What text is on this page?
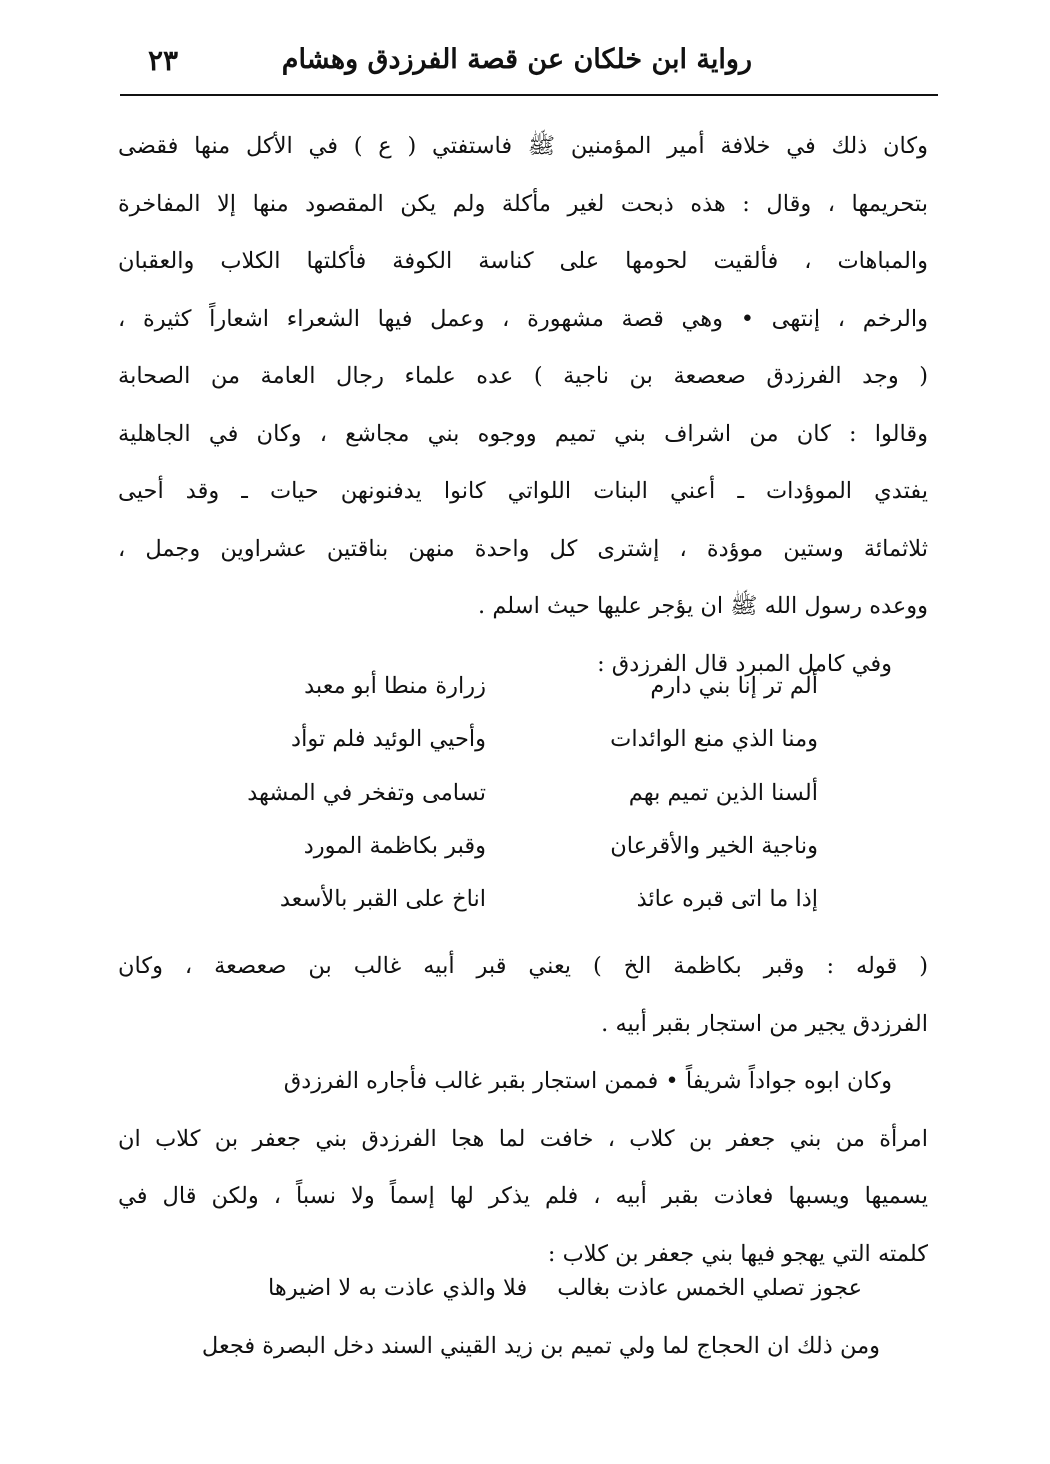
رواية ابن خلكان عن قصة الفرزدق وهشام
٢٣
وكان ذلك في خلافة أمير المؤمنين ﷺ فاستفتي ( ع ) في الأكل منها فقضى
بتحريمها ، وقال : هذه ذبحت لغير مأكلة ولم يكن المقصود منها إلا المفاخرة
والمباهات ، فألقيت لحومها على كناسة الكوفة فأكلتها الكلاب والعقبان
والرخم ، إنتهى • وهي قصة مشهورة ، وعمل فيها الشعراء اشعاراً كثيرة ،
( وجد الفرزدق صعصعة بن ناجية ) عده علماء رجال العامة من الصحابة
وقالوا : كان من اشراف بني تميم ووجوه بني مجاشع ، وكان في الجاهلية
يفتدي الموؤدات ـ أعني البنات اللواتي كانوا يدفنونهن حيات ـ وقد أحيى
ثلاثمائة وستين موؤدة ، إشترى كل واحدة منهن بناقتين عشراوين وجمل ،
ووعده رسول الله ﷺ ان يؤجر عليها حيث اسلم .
وفي كامل المبرد قال الفرزدق :
ألم تر إنا بني دارم
زرارة منطا أبو معبد
ومنا الذي منع الوائدات
وأحيي الوئيد فلم توأد
ألسنا الذين تميم بهم
تسامى وتفخر في المشهد
وناجية الخير والأقرعان
وقبر بكاظمة المورد
إذا ما اتى قبره عائذ
اناخ على القبر بالأسعد
( قوله : وقبر بكاظمة الخ ) يعني قبر أبيه غالب بن صعصعة ، وكان
الفرزدق يجير من استجار بقبر أبيه .
وكان ابوه جواداً شريفاً • فممن استجار بقبر غالب فأجاره الفرزدق
امرأة من بني جعفر بن كلاب ، خافت لما هجا الفرزدق بني جعفر بن كلاب ان
يسميها ويسبها فعاذت بقبر أبيه ، فلم يذكر لها إسماً ولا نسباً ، ولكن قال في
كلمته التي يهجو فيها بني جعفر بن كلاب :
عجوز تصلي الخمس عاذت بغالبفلا والذي عاذت به لا اضيرها
ومن ذلك ان الحجاج لما ولي تميم بن زيد القيني السند دخل البصرة فجعل
